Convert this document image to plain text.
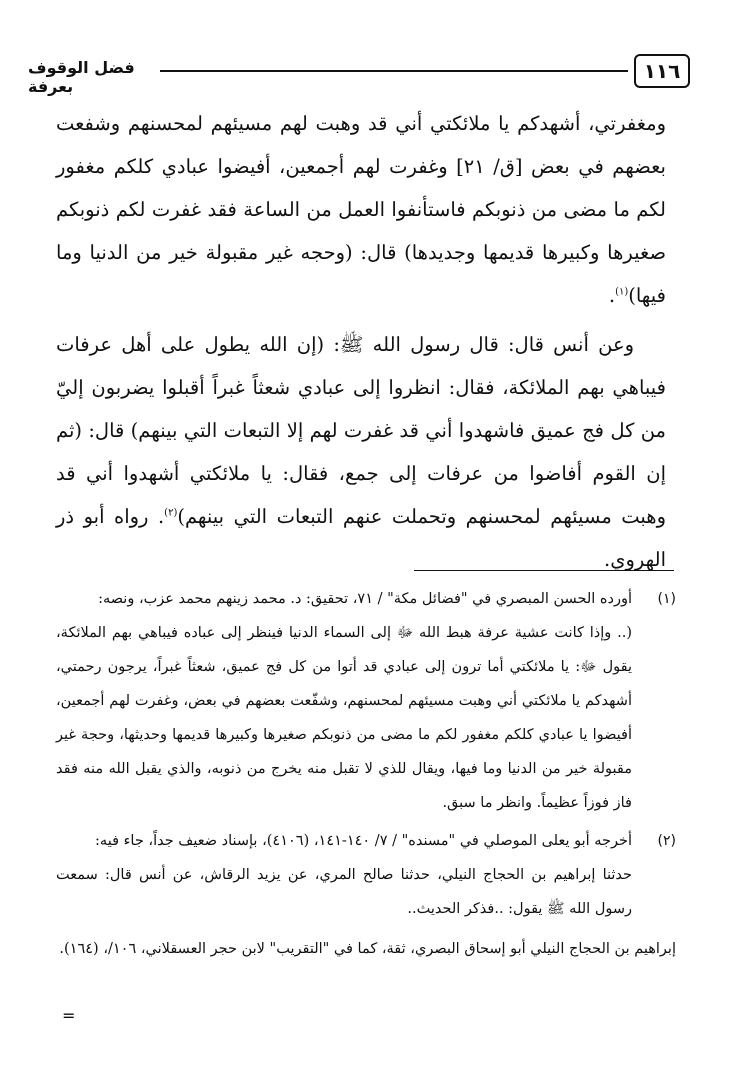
١١٦
فضل الوقوف بعرفة

ومغفرتي، أشهدكم يا ملائكتي أني قد وهبت لهم مسيئهم لمحسنهم وشفعت بعضهم في بعض [ق/ ٢١] وغفرت لهم أجمعين، أفيضوا عبادي كلكم مغفور لكم ما مضى من ذنوبكم فاستأنفوا العمل من الساعة فقد غفرت لكم ذنوبكم صغيرها وكبيرها قديمها وجديدها) قال: (وحجه غير مقبولة خير من الدنيا وما فيها)$^{(١)}$.

وعن أنس قال: قال رسول الله ﷺ: (إن الله يطول على أهل عرفات فيباهي بهم الملائكة، فقال: انظروا إلى عبادي شعثاً غبراً أقبلوا يضربون إليّ من كل فج عميق فاشهدوا أني قد غفرت لهم إلا التبعات التي بينهم) قال: (ثم إن القوم أفاضوا من عرفات إلى جمع، فقال: يا ملائكتي أشهدوا أني قد وهبت مسيئهم لمحسنهم وتحملت عنهم التبعات التي بينهم)$^{(٢)}$. رواه أبو ذر الهروي.

(١)
أورده الحسن المبصري في "فضائل مكة" / ٧١، تحقيق: د. محمد زينهم محمد عزب، ونصه:
(.. وإذا كانت عشية عرفة هبط الله ﷻ إلى السماء الدنيا فينظر إلى عباده فيباهي بهم الملائكة، يقول ﷻ: يا ملائكتي أما ترون إلى عبادي قد أتوا من كل فج عميق، شعثاً غبراً، يرجون رحمتي، أشهدكم يا ملائكتي أني وهبت مسيئهم لمحسنهم، وشفّعت بعضهم في بعض، وغفرت لهم أجمعين، أفيضوا يا عبادي كلكم مغفور لكم ما مضى من ذنوبكم صغيرها وكبيرها قديمها وحديثها، وحجة غير مقبولة خير من الدنيا وما فيها، ويقال للذي لا تقبل منه يخرج من ذنوبه، والذي يقبل الله منه فقد فاز فوزاً عظيماً. وانظر ما سبق.
(٢)
أخرجه أبو يعلى الموصلي في "مسنده" / ٧/ ١٤٠-١٤١، (٤١٠٦)، بإسناد ضعيف جداً، جاء فيه:
حدثنا إبراهيم بن الحجاج النيلي، حدثنا صالح المري، عن يزيد الرقاش، عن أنس قال: سمعت رسول الله ﷺ يقول: ..فذكر الحديث..
إبراهيم بن الحجاج النيلي أبو إسحاق البصري، ثقة، كما في "التقريب" لابن حجر العسقلاني، ١٠٦/، (١٦٤).
=
